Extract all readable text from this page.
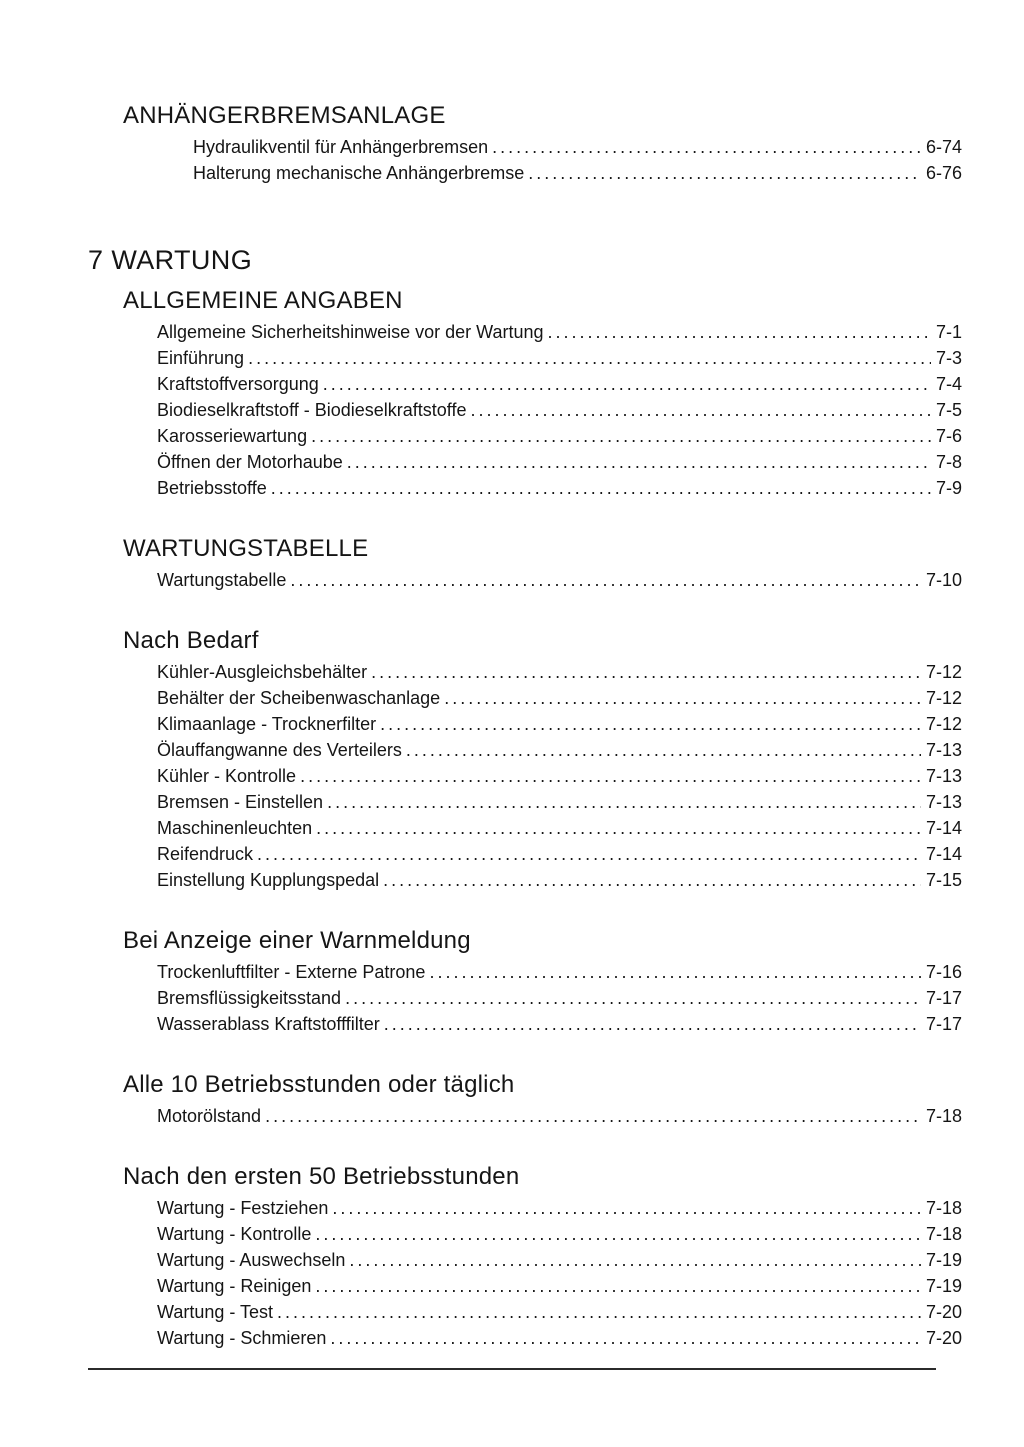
ANHÄNGERBREMSANLAGE
Hydraulikventil für Anhängerbremsen .....	6-74
Halterung mechanische Anhängerbremse .....	6-76
7 WARTUNG
ALLGEMEINE ANGABEN
Allgemeine Sicherheitshinweise vor der Wartung .....	7-1
Einführung .....	7-3
Kraftstoffversorgung .....	7-4
Biodieselkraftstoff - Biodieselkraftstoffe .....	7-5
Karosseriewartung .....	7-6
Öffnen der Motorhaube .....	7-8
Betriebsstoffe .....	7-9
WARTUNGSTABELLE
Wartungstabelle .....	7-10
Nach Bedarf
Kühler-Ausgleichsbehälter .....	7-12
Behälter der Scheibenwaschanlage .....	7-12
Klimaanlage - Trocknerfilter .....	7-12
Ölauffangwanne des Verteilers .....	7-13
Kühler - Kontrolle .....	7-13
Bremsen - Einstellen .....	7-13
Maschinenleuchten .....	7-14
Reifendruck .....	7-14
Einstellung Kupplungspedal .....	7-15
Bei Anzeige einer Warnmeldung
Trockenluftfilter - Externe Patrone .....	7-16
Bremsflüssigkeitsstand .....	7-17
Wasserablass Kraftstofffilter .....	7-17
Alle 10 Betriebsstunden oder täglich
Motorölstand .....	7-18
Nach den ersten 50 Betriebsstunden
Wartung - Festziehen .....	7-18
Wartung - Kontrolle .....	7-18
Wartung - Auswechseln .....	7-19
Wartung - Reinigen .....	7-19
Wartung - Test .....	7-20
Wartung - Schmieren .....	7-20
